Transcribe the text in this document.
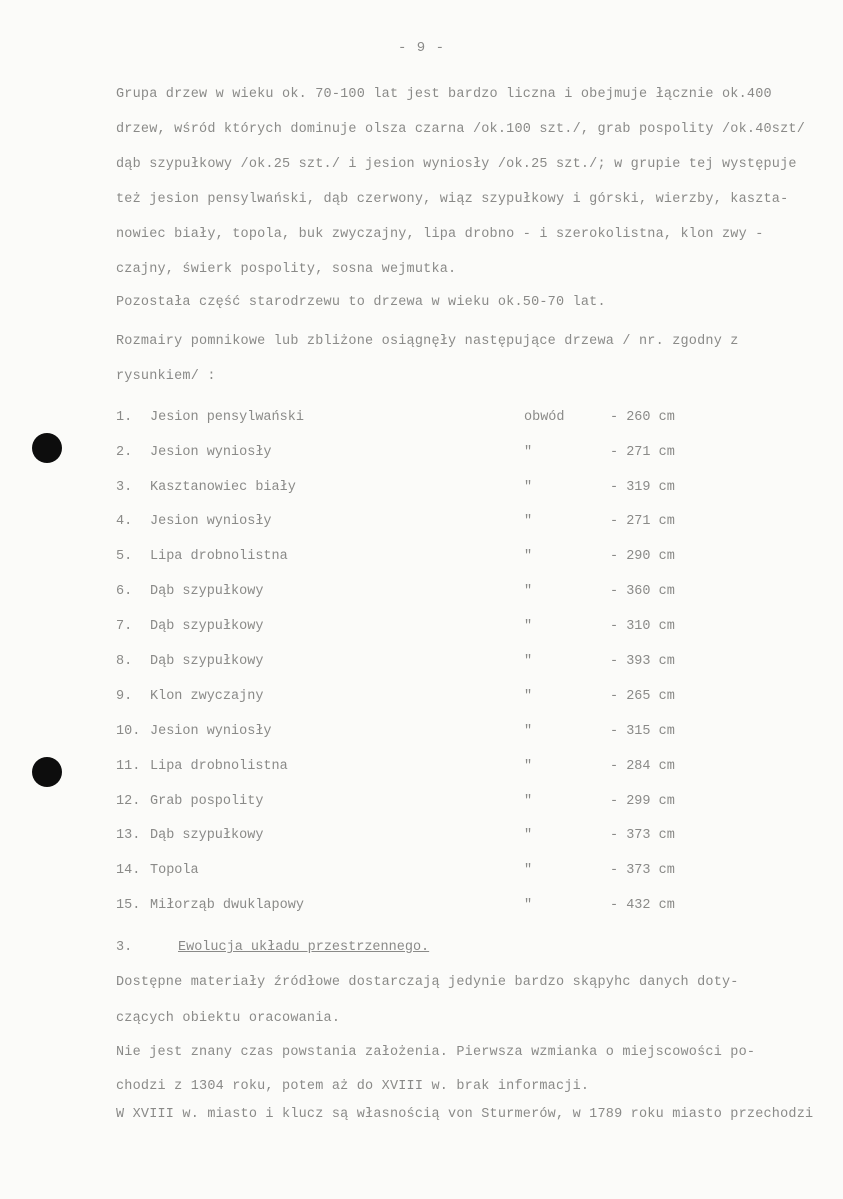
- 9 -
Grupa drzew w wieku ok. 70-100 lat jest bardzo liczna i obejmuje łącznie ok.400
drzew, wśród których dominuje olsza czarna /ok.100 szt./, grab pospolity /ok.40szt/
dąb szypułkowy /ok.25 szt./ i jesion wyniosły /ok.25 szt./; w grupie tej występuje
też jesion pensylwański, dąb czerwony, wiąz szypułkowy i górski, wierzby, kaszta-
nowiec biały, topola, buk zwyczajny, lipa drobno - i szerokolistna, klon zwy -
czajny, świerk pospolity, sosna wejmutka.
Pozostała część starodrzewu to drzewa w wieku ok.50-70 lat.
Rozmairy pomnikowe lub zbliżone osiągnęły następujące drzewa / nr. zgodny z
rysunkiem/ :
1.	Jesion pensylwański	obwód	- 260 cm
2.	Jesion wyniosły	"	- 271 cm
3.	Kasztanowiec biały	"	- 319 cm
4.	Jesion wyniosły	"	- 271 cm
5.	Lipa drobnolistna	"	- 290 cm
6.	Dąb szypułkowy	"	- 360 cm
7.	Dąb szypułkowy	"	- 310 cm
8.	Dąb szypułkowy	"	- 393 cm
9.	Klon zwyczajny	"	- 265 cm
10. Jesion wyniosły	"	- 315 cm
11. Lipa drobnolistna	"	- 284 cm
12. Grab pospolity	"	- 299 cm
13. Dąb szypułkowy	"	- 373 cm
14. Topola	"	- 373 cm
15. Miłorząb dwuklapowy	"	- 432 cm
3.	Ewolucja układu przestrzennego.
Dostępne materiały źródłowe dostarczają jedynie bardzo skąpyhc danych doty-
czących obiektu oracowania.
Nie jest znany czas powstania założenia. Pierwsza wzmianka o miejscowości po-
chodzi z 1304 roku, potem aż do XVIII w. brak informacji.
W XVIII w. miasto i klucz są własnością von Sturmerów, w 1789 roku miasto przechodzi
